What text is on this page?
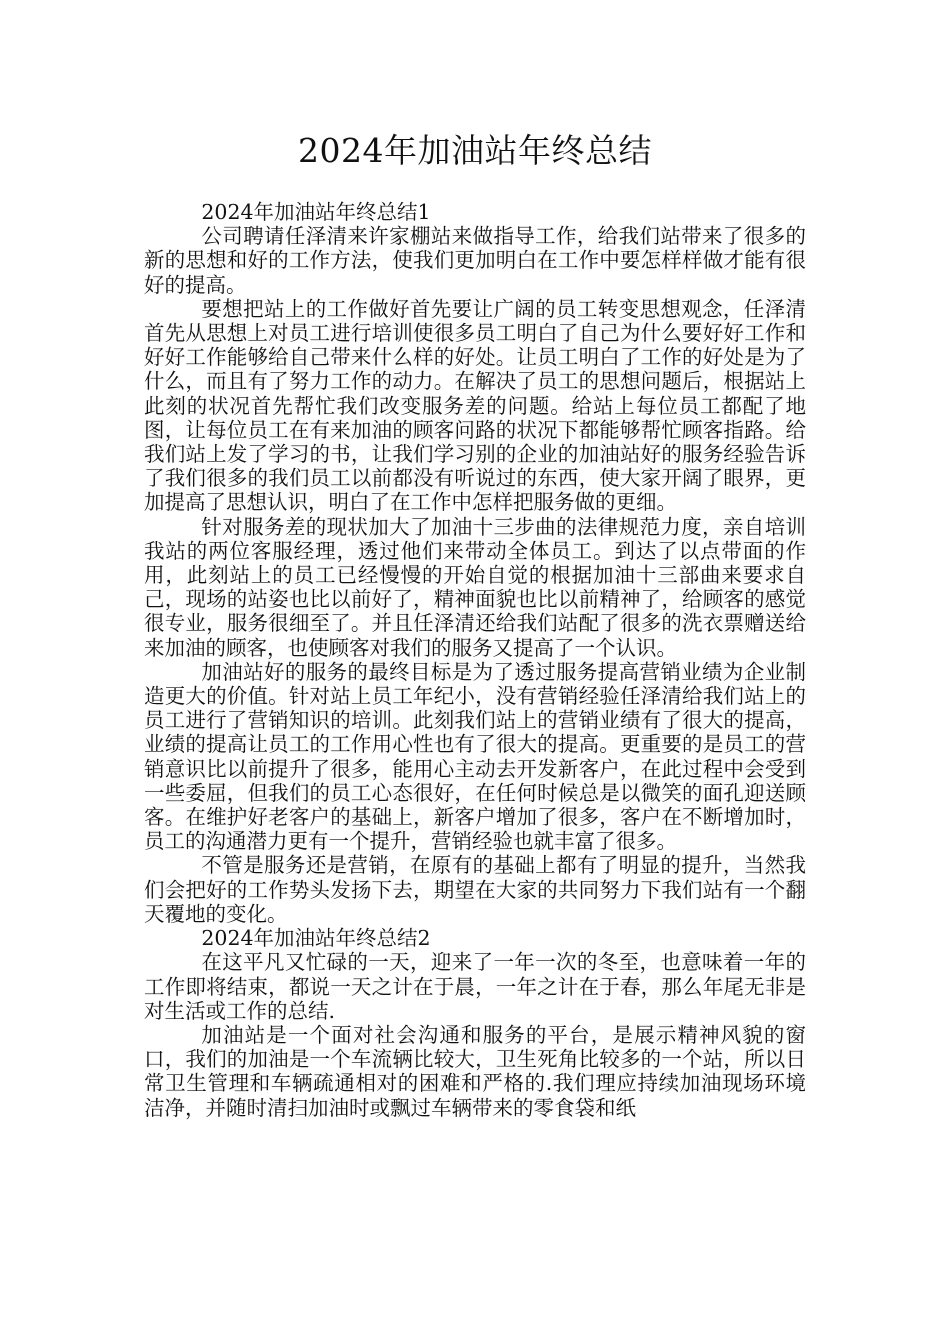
2024年加油站年终总结

2024年加油站年终总结1

公司聘请任泽清来许家棚站来做指导工作，给我们站带来了很多的新的思想和好的工作方法，使我们更加明白在工作中要怎样样做才能有很好的提高。

要想把站上的工作做好首先要让广阔的员工转变思想观念，任泽清首先从思想上对员工进行培训使很多员工明白了自己为什么要好好工作和好好工作能够给自己带来什么样的好处。让员工明白了工作的好处是为了什么，而且有了努力工作的动力。在解决了员工的思想问题后，根据站上此刻的状况首先帮忙我们改变服务差的问题。给站上每位员工都配了地图，让每位员工在有来加油的顾客问路的状况下都能够帮忙顾客指路。给我们站上发了学习的书，让我们学习别的企业的加油站好的服务经验告诉了我们很多的我们员工以前都没有听说过的东西，使大家开阔了眼界，更加提高了思想认识，明白了在工作中怎样把服务做的更细。

针对服务差的现状加大了加油十三步曲的法律规范力度，亲自培训我站的两位客服经理，透过他们来带动全体员工。到达了以点带面的作用，此刻站上的员工已经慢慢的开始自觉的根据加油十三部曲来要求自己，现场的站姿也比以前好了，精神面貌也比以前精神了，给顾客的感觉很专业，服务很细至了。并且任泽清还给我们站配了很多的洗衣票赠送给来加油的顾客，也使顾客对我们的服务又提高了一个认识。

加油站好的服务的最终目标是为了透过服务提高营销业绩为企业制造更大的价值。针对站上员工年纪小，没有营销经验任泽清给我们站上的员工进行了营销知识的培训。此刻我们站上的营销业绩有了很大的提高，业绩的提高让员工的工作用心性也有了很大的提高。更重要的是员工的营销意识比以前提升了很多，能用心主动去开发新客户，在此过程中会受到一些委屈，但我们的员工心态很好，在任何时候总是以微笑的面孔迎送顾客。在维护好老客户的基础上，新客户增加了很多，客户在不断增加时，员工的沟通潜力更有一个提升，营销经验也就丰富了很多。

不管是服务还是营销，在原有的基础上都有了明显的提升，当然我们会把好的工作势头发扬下去，期望在大家的共同努力下我们站有一个翻天覆地的变化。

2024年加油站年终总结2

在这平凡又忙碌的一天，迎来了一年一次的冬至，也意味着一年的工作即将结束，都说一天之计在于晨，一年之计在于春，那么年尾无非是对生活或工作的总结.

加油站是一个面对社会沟通和服务的平台，是展示精神风貌的窗口，我们的加油是一个车流辆比较大，卫生死角比较多的一个站，所以日常卫生管理和车辆疏通相对的困难和严格的.我们理应持续加油现场环境洁净，并随时清扫加油时或飘过车辆带来的零食袋和纸
